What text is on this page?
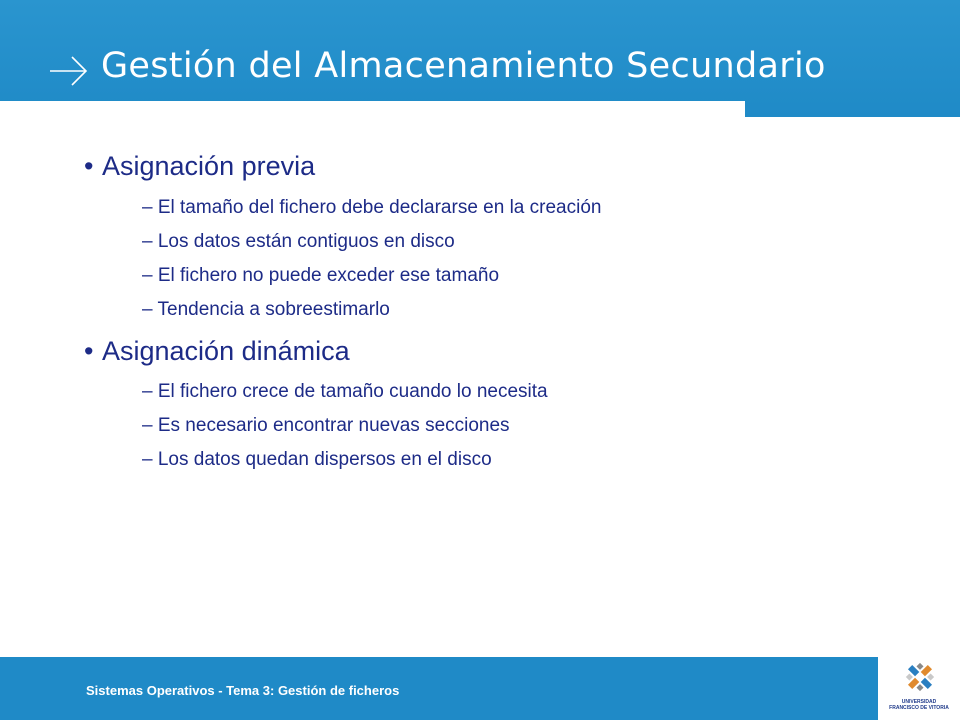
Gestión del Almacenamiento Secundario
• Asignación previa
– El tamaño del fichero debe declararse en la creación
– Los datos están contiguos en disco
– El fichero no puede exceder ese tamaño
– Tendencia a sobreestimarlo
• Asignación dinámica
– El fichero crece de tamaño cuando lo necesita
– Es necesario encontrar nuevas secciones
– Los datos quedan dispersos en el disco
Sistemas Operativos - Tema 3: Gestión de ficheros
UNIVERSIDAD
FRANCISCO DE VITORIA
